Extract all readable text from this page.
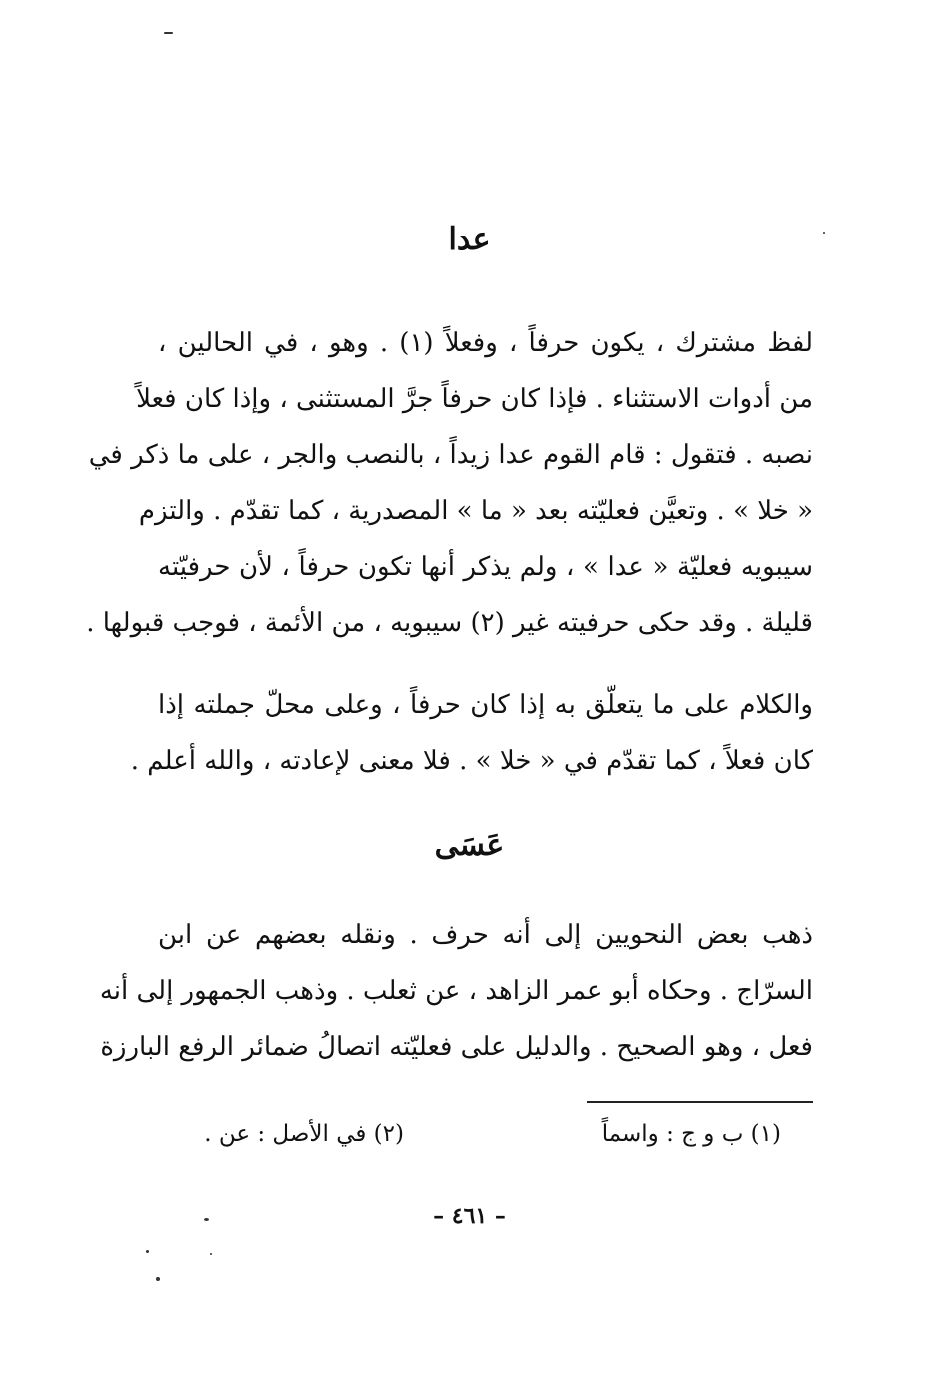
عدا
لفظ مشترك ، يكون حرفاً ، وفعلاً (١) . وهو ، في الحالين ،
من أدوات الاستثناء . فإذا كان حرفاً جرَّ المستثنى ، وإذا كان فعلاً
نصبه . فتقول : قام القوم عدا زيداً ، بالنصب والجر ، على ما ذكر في
« خلا » . وتعيَّن فعليّته بعد « ما » المصدرية ، كما تقدّم . والتزم
سيبويه فعليّة « عدا » ، ولم يذكر أنها تكون حرفاً ، لأن حرفيّته
قليلة . وقد حكى حرفيته غير (٢) سيبويه ، من الأئمة ، فوجب قبولها .
والكلام على ما يتعلّق به إذا كان حرفاً ، وعلى محلّ جملته إذا
كان فعلاً ، كما تقدّم في « خلا » . فلا معنى لإعادته ، والله أعلم .
عَسَى
ذهب بعض النحويين إلى أنه حرف . ونقله بعضهم عن ابن
السرّاج . وحكاه أبو عمر الزاهد ، عن ثعلب . وذهب الجمهور إلى أنه
فعل ، وهو الصحيح . والدليل على فعليّته اتصالُ ضمائر الرفع البارزة
(١) ب و ج : واسماً
(٢) في الأصل : عن .
– ٤٦١ –
